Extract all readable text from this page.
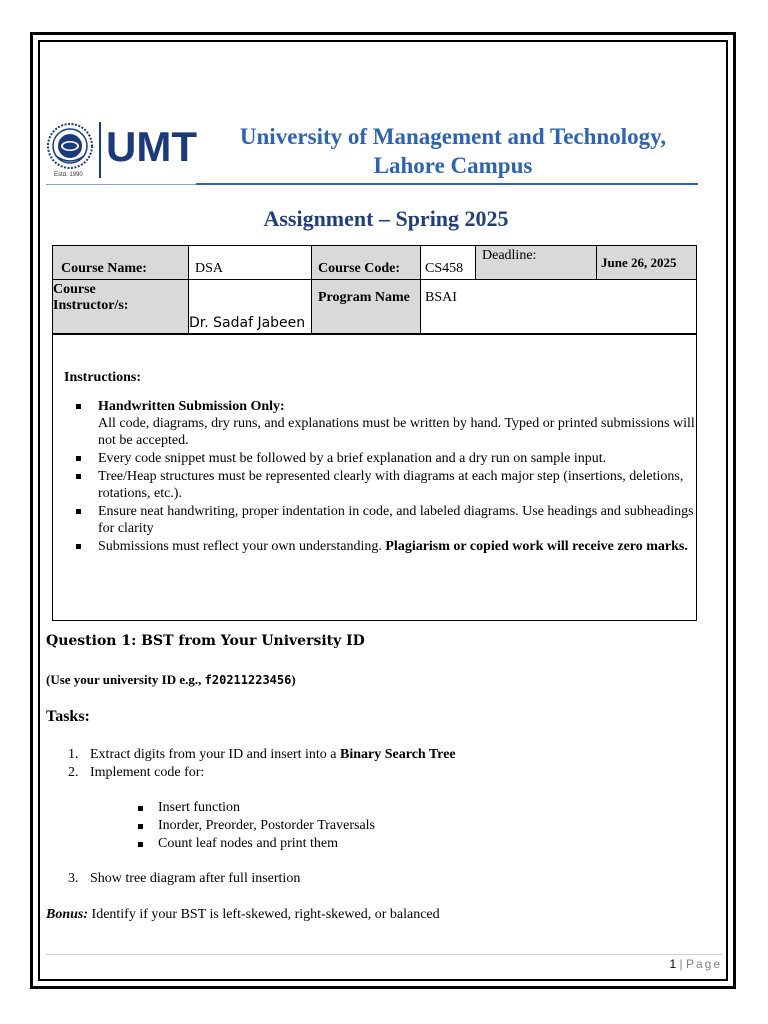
Estd. 1990
UMT	University of Management and Technology,
Lahore Campus
Assignment – Spring 2025
Course Name:	DSA	Course Code:	CS458	Deadline:	June 26, 2025

Course Instructor/s:	Dr. Sadaf Jabeen	Program Name	BSAI		
Instructions:
Handwritten Submission Only:
All code, diagrams, dry runs, and explanations must be written by hand. Typed or printed submissions will not be accepted.
Every code snippet must be followed by a brief explanation and a dry run on sample input.
Tree/Heap structures must be represented clearly with diagrams at each major step (insertions, deletions, rotations, etc.).
Ensure neat handwriting, proper indentation in code, and labeled diagrams. Use headings and subheadings for clarity
Submissions must reflect your own understanding. Plagiarism or copied work will receive zero marks.
Question 1: BST from Your University ID
(Use your university ID e.g., f20211223456)
Tasks:
1. Extract digits from your ID and insert into a Binary Search Tree
2. Implement code for:
Insert function
Inorder, Preorder, Postorder Traversals
Count leaf nodes and print them
3. Show tree diagram after full insertion
Bonus: Identify if your BST is left-skewed, right-skewed, or balanced
1 | Page
